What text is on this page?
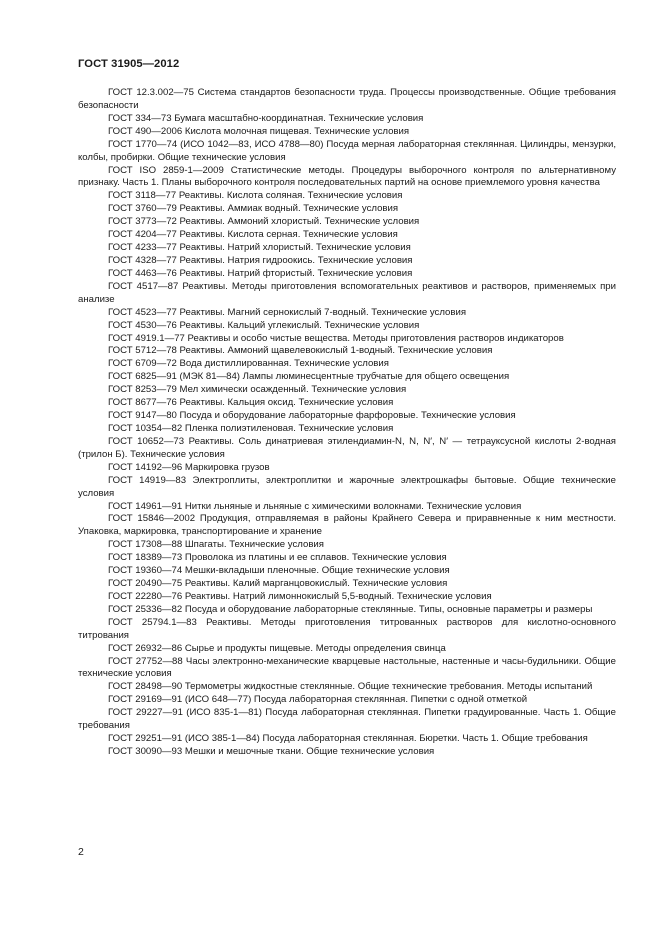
ГОСТ 31905—2012

ГОСТ 12.3.002—75 Система стандартов безопасности труда. Процессы производственные. Общие требования безопасности

ГОСТ 334—73 Бумага масштабно-координатная. Технические условия

ГОСТ 490—2006 Кислота молочная пищевая. Технические условия

ГОСТ 1770—74 (ИСО 1042—83, ИСО 4788—80) Посуда мерная лабораторная стеклянная. Цилиндры, мензурки, колбы, пробирки. Общие технические условия

ГОСТ ISO 2859-1—2009 Статистические методы. Процедуры выборочного контроля по альтернативному признаку. Часть 1. Планы выборочного контроля последовательных партий на основе приемлемого уровня качества

ГОСТ 3118—77 Реактивы. Кислота соляная. Технические условия

ГОСТ 3760—79 Реактивы. Аммиак водный. Технические условия

ГОСТ 3773—72 Реактивы. Аммоний хлористый. Технические условия

ГОСТ 4204—77 Реактивы. Кислота серная. Технические условия

ГОСТ 4233—77 Реактивы. Натрий хлористый. Технические условия

ГОСТ 4328—77 Реактивы. Натрия гидроокись. Технические условия

ГОСТ 4463—76 Реактивы. Натрий фтористый. Технические условия

ГОСТ 4517—87 Реактивы. Методы приготовления вспомогательных реактивов и растворов, применяемых при анализе

ГОСТ 4523—77 Реактивы. Магний сернокислый 7-водный. Технические условия

ГОСТ 4530—76 Реактивы. Кальций углекислый. Технические условия

ГОСТ 4919.1—77 Реактивы и особо чистые вещества. Методы приготовления растворов индикаторов

ГОСТ 5712—78 Реактивы. Аммоний щавелевокислый 1-водный. Технические условия

ГОСТ 6709—72 Вода дистиллированная. Технические условия

ГОСТ 6825—91 (МЭК 81—84) Лампы люминесцентные трубчатые для общего освещения

ГОСТ 8253—79 Мел химически осажденный. Технические условия

ГОСТ 8677—76 Реактивы. Кальция оксид. Технические условия

ГОСТ 9147—80 Посуда и оборудование лабораторные фарфоровые. Технические условия

ГОСТ 10354—82 Пленка полиэтиленовая. Технические условия

ГОСТ 10652—73 Реактивы. Соль динатриевая этилендиамин-N, N, N′, N′ — тетрауксусной кислоты 2-водная (трилон Б). Технические условия

ГОСТ 14192—96 Маркировка грузов

ГОСТ 14919—83 Электроплиты, электроплитки и жарочные электрошкафы бытовые. Общие технические условия

ГОСТ 14961—91 Нитки льняные и льняные с химическими волокнами. Технические условия

ГОСТ 15846—2002 Продукция, отправляемая в районы Крайнего Севера и приравненные к ним местности. Упаковка, маркировка, транспортирование и хранение

ГОСТ 17308—88 Шпагаты. Технические условия

ГОСТ 18389—73 Проволока из платины и ее сплавов. Технические условия

ГОСТ 19360—74 Мешки-вкладыши пленочные. Общие технические условия

ГОСТ 20490—75 Реактивы. Калий марганцовокислый. Технические условия

ГОСТ 22280—76 Реактивы. Натрий лимоннокислый 5,5-водный. Технические условия

ГОСТ 25336—82 Посуда и оборудование лабораторные стеклянные. Типы, основные параметры и размеры

ГОСТ 25794.1—83 Реактивы. Методы приготовления титрованных растворов для кислотно-основного титрования

ГОСТ 26932—86 Сырье и продукты пищевые. Методы определения свинца

ГОСТ 27752—88 Часы электронно-механические кварцевые настольные, настенные и часы-будильники. Общие технические условия

ГОСТ 28498—90 Термометры жидкостные стеклянные. Общие технические требования. Методы испытаний

ГОСТ 29169—91 (ИСО 648—77) Посуда лабораторная стеклянная. Пипетки с одной отметкой

ГОСТ 29227—91 (ИСО 835-1—81) Посуда лабораторная стеклянная. Пипетки градуированные. Часть 1. Общие требования

ГОСТ 29251—91 (ИСО 385-1—84) Посуда лабораторная стеклянная. Бюретки. Часть 1. Общие требования

ГОСТ 30090—93 Мешки и мешочные ткани. Общие технические условия

2
